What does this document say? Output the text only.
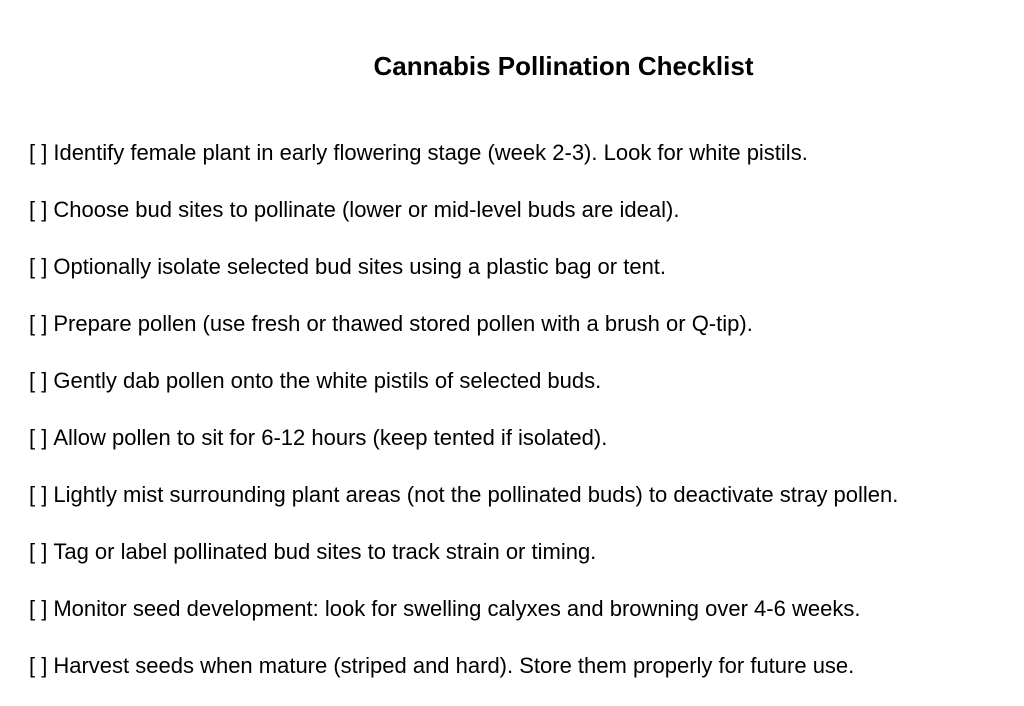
Cannabis Pollination Checklist
[ ] Identify female plant in early flowering stage (week 2-3). Look for white pistils.
[ ] Choose bud sites to pollinate (lower or mid-level buds are ideal).
[ ] Optionally isolate selected bud sites using a plastic bag or tent.
[ ] Prepare pollen (use fresh or thawed stored pollen with a brush or Q-tip).
[ ] Gently dab pollen onto the white pistils of selected buds.
[ ] Allow pollen to sit for 6-12 hours (keep tented if isolated).
[ ] Lightly mist surrounding plant areas (not the pollinated buds) to deactivate stray pollen.
[ ] Tag or label pollinated bud sites to track strain or timing.
[ ] Monitor seed development: look for swelling calyxes and browning over 4-6 weeks.
[ ] Harvest seeds when mature (striped and hard). Store them properly for future use.
